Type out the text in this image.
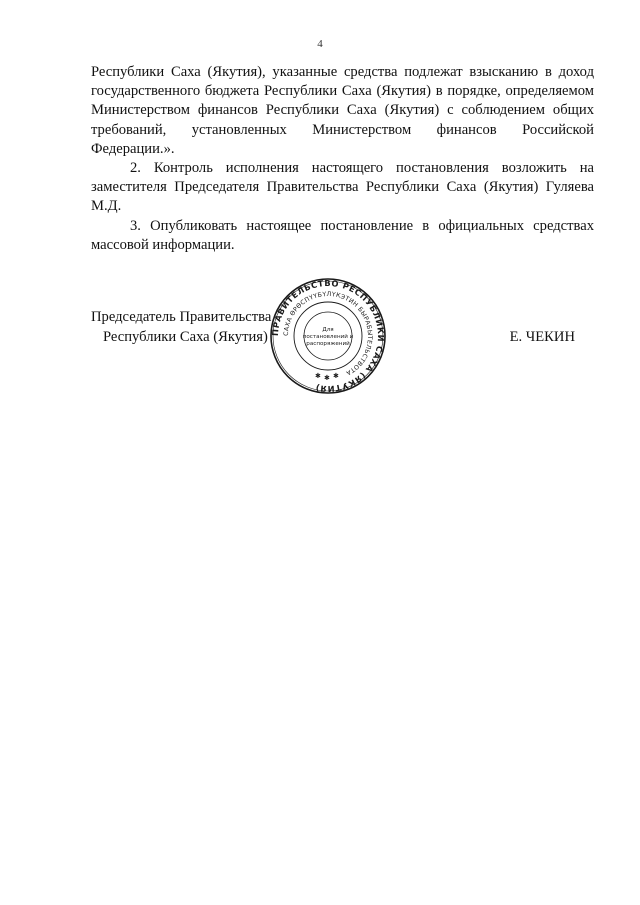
4

Республики Саха (Якутия), указанные средства подлежат взысканию в доход государственного бюджета Республики Саха (Якутия) в порядке, определяемом Министерством финансов Республики Саха (Якутия) с соблюдением общих требований, установленных Министерством финансов Российской Федерации.».

2. Контроль исполнения настоящего постановления возложить на заместителя Председателя Правительства Республики Саха (Якутия) Гуляева М.Д.

3. Опубликовать настоящее постановление в официальных средствах массовой информации.

Председатель Правительства
Республики Саха (Якутия)	Е. ЧЕКИН
ПРАВИТЕЛЬСТВО РЕСПУБЛИКИ САХА (ЯКУТИЯ)
САХА ӨРӨСПҮҮБҮЛҮКЭТИН БЫРАБЫТЕЛЬСТВОТА
Для
постановлений и
распоряжений
✱ ✱ ✱
